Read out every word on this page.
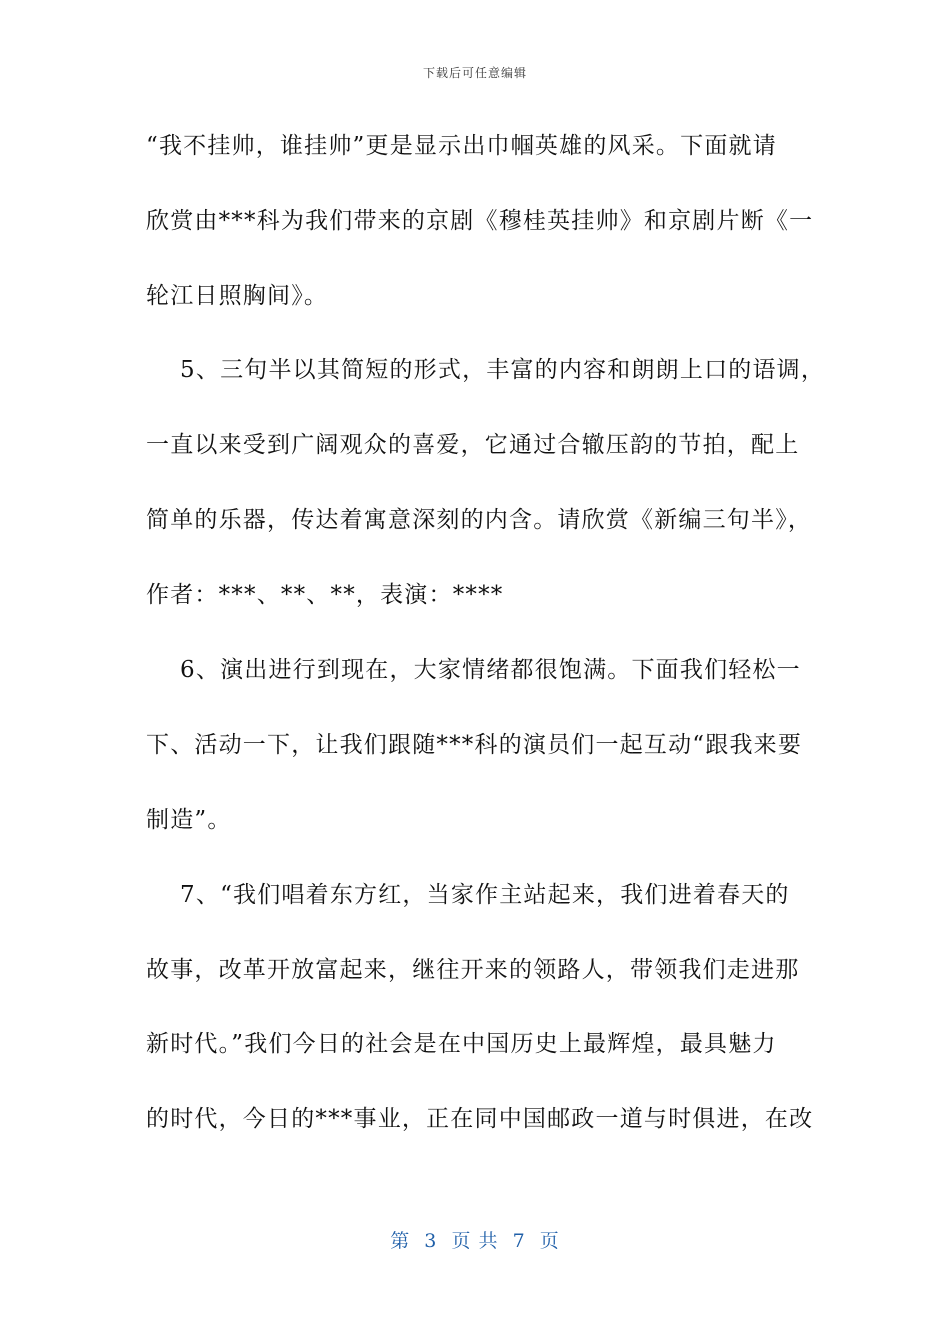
下载后可任意编辑
“我不挂帅，谁挂帅”更是显示出巾帼英雄的风采。下面就请
欣赏由***科为我们带来的京剧《穆桂英挂帅》和京剧片断《一
轮江日照胸间》。
5、三句半以其简短的形式，丰富的内容和朗朗上口的语调，
一直以来受到广阔观众的喜爱，它通过合辙压韵的节拍，配上
简单的乐器，传达着寓意深刻的内含。请欣赏《新编三句半》，
作者：***、**、**，表演：****
6、演出进行到现在，大家情绪都很饱满。下面我们轻松一
下、活动一下，让我们跟随***科的演员们一起互动“跟我来要
制造”。
7、“我们唱着东方红，当家作主站起来，我们进着春天的
故事，改革开放富起来，继往开来的领路人，带领我们走进那
新时代。”我们今日的社会是在中国历史上最辉煌，最具魅力
的时代，今日的***事业，正在同中国邮政一道与时俱进，在改
第  3  页 共  7  页
